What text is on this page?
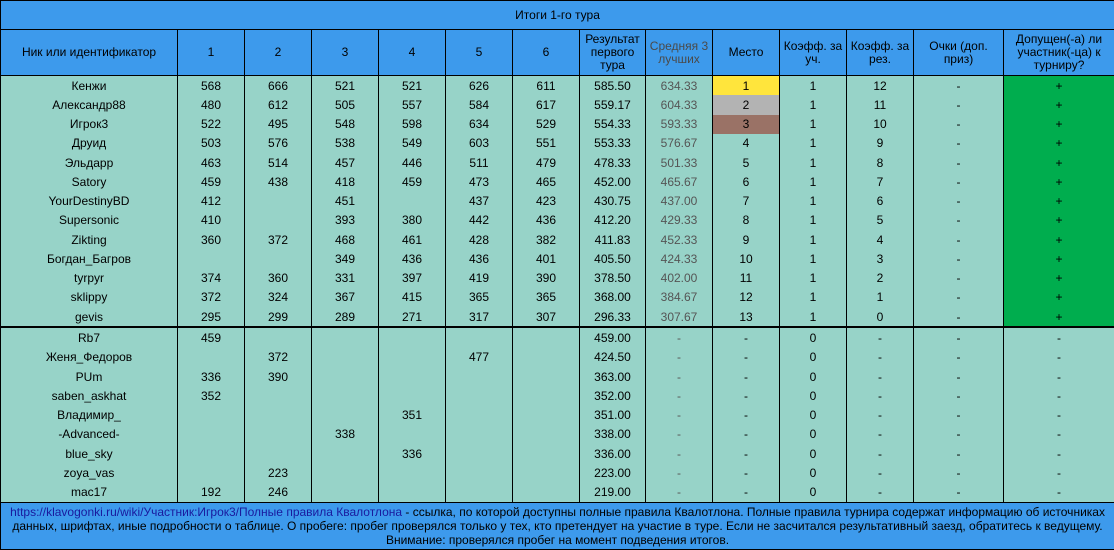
Итоги 1-го тура													
Ник или идентификатор	1	2	3	4	5	6	Результат первого тура	Средняя 3 лучших	Место	Коэфф. за уч.	Коэфф. за рез.	Очки (доп. приз)	Допущен(-а) ли участник(-ца) к турниру?
Кенжи	568	666	521	521	626	611	585.50	634.33	1	1	12	-	+
Александр88	480	612	505	557	584	617	559.17	604.33	2	1	11	-	+
Игрок3	522	495	548	598	634	529	554.33	593.33	3	1	10	-	+
Друид	503	576	538	549	603	551	553.33	576.67	4	1	9	-	+
Эльдарр	463	514	457	446	511	479	478.33	501.33	5	1	8	-	+
Satory	459	438	418	459	473	465	452.00	465.67	6	1	7	-	+
YourDestinyBD	412		451		437	423	430.75	437.00	7	1	6	-	+
Supersonic	410		393	380	442	436	412.20	429.33	8	1	5	-	+
Zikting	360	372	468	461	428	382	411.83	452.33	9	1	4	-	+
Богдан_Багров			349	436	436	401	405.50	424.33	10	1	3	-	+
tyrpyr	374	360	331	397	419	390	378.50	402.00	11	1	2	-	+
sklippy	372	324	367	415	365	365	368.00	384.67	12	1	1	-	+
gevis	295	299	289	271	317	307	296.33	307.67	13	1	0	-	+
Rb7	459						459.00	-	-	0	-	-	-
Женя_Федоров		372			477		424.50	-	-	0	-	-	-
PUm	336	390					363.00	-	-	0	-	-	-
saben_askhat	352						352.00	-	-	0	-	-	-
Владимир_				351			351.00	-	-	0	-	-	-
-Advanced-			338				338.00	-	-	0	-	-	-
blue_sky				336			336.00	-	-	0	-	-	-
zoya_vas		223					223.00	-	-	0	-	-	-
mac17	192	246					219.00	-	-	0	-	-	-
https://klavogonki.ru/wiki/Участник:Игрок3/Полные правила Квалотлона - ссылка, по которой доступны полные правила Квалотлона. Полные правила турнира содержат информацию об источниках данных, шрифтах, иные подробности о таблице. О пробеге: пробег проверялся только у тех, кто претендует на участие в туре. Если не засчитался результативный заезд, обратитесь к ведущему. Внимание: проверялся пробег на момент подведения итогов.													
